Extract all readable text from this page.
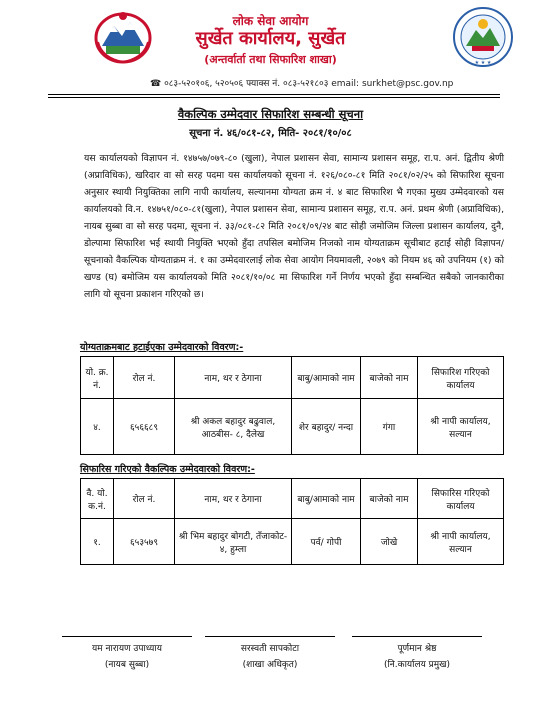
लोक सेवा आयोग
सुर्खेत कार्यालय, सुर्खेत
(अन्तर्वार्ता तथा सिफारिश शाखा)	★ ★ ★
☎ ०८३-५२०१०६, ५२०५०६ फ्याक्स नं. ०८३-५२१८०३ email: surkhet@psc.gov.np
वैकल्पिक उम्मेदवार सिफारिश सम्बन्धी सूचना
सूचना नं. ४६/०८१-८२, मिति- २०८१/१०/०८
यस कार्यालयको विज्ञापन नं. १४७५७/०७९-८० (खुला), नेपाल प्रशासन सेवा, सामान्य प्रशासन समूह, रा.प. अनं. द्वितीय श्रेणी (अप्राविधिक), खरिदार वा सो सरह पदमा यस कार्यालयको सूचना नं. १२६/०८०-८१ मिति २०८१/०२/२५ को सिफारिश सूचना अनुसार स्थायी नियुक्तिका लागि नापी कार्यालय, सल्यानमा योग्यता क्रम नं. ४ बाट सिफारिश भै गएका मुख्य उम्मेदवारको यस कार्यालयको वि.न. १४७५१/०८०-८१(खुला), नेपाल प्रशासन सेवा, सामान्य प्रशासन समूह, रा.प. अनं. प्रथम श्रेणी (अप्राविधिक), नायब सुब्बा वा सो सरह पदमा, सूचना नं. ३३/०८१-८२ मिति २०८१/०९/२४ बाट सोही जमोजिम जिल्ला प्रशासन कार्यालय, दुनै, डोल्पामा सिफारिश भई स्थायी नियुक्ति भएको हुँदा तपसिल बमोजिम निजको नाम योग्यताक्रम सूचीबाट हटाई सोही विज्ञापन/सूचनाको वैकल्पिक योग्यताक्रम नं. १ का उम्मेदवारलाई लोक सेवा आयोग नियमावली, २०७९ को नियम ४६ को उपनियम (१) को खण्ड (घ) बमोजिम यस कार्यालयको मिति २०८१/१०/०८ मा सिफारिश गर्ने निर्णय भएको हुँदा सम्बन्धित सबैको जानकारीका लागि यो सूचना प्रकाशन गरिएको छ।
योग्यताक्रमबाट हटाईएका उम्मेदवारको विवरण:-
यो. क्र. नं.	रोल नं.	नाम, थर र ठेगाना	बाबु/आमाको नाम	बाजेको नाम	सिफारिश गरिएको कार्यालय
४.	६५६६८९	श्री अकल बहादुर बढुवाल, आठबीस- ८, दैलेख	शेर बहादुर/ नन्दा	गंगा	श्री नापी कार्यालय, सल्यान
सिफारिस गरिएको वैकल्पिक उम्मेदवारको विवरण:-
वै. यो. क.नं.	रोल नं.	नाम, थर र ठेगाना	बाबु/आमाको नाम	बाजेको नाम	सिफारिस गरिएको कार्यालय
१.	६५३५७९	श्री भिम बहादुर बोगटी, तँजाकोट- ४, हुम्ला	पर्व/ गोपी	जोखे	श्री नापी कार्यालय, सल्यान
यम नारायण उपाध्याय
(नायब सुब्बा)
सरस्वती सापकोटा
(शाखा अधिकृत)
पूर्णमान श्रेष्ठ
(नि.कार्यालय प्रमुख)
